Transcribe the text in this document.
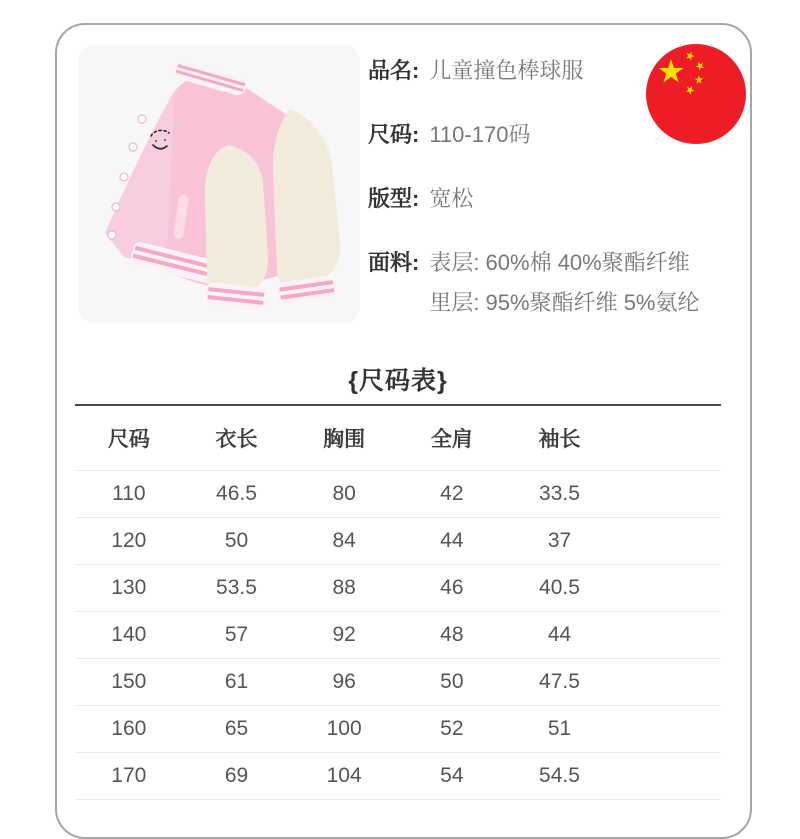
品名: 儿童撞色棒球服
尺码: 110-170码
版型: 宽松
面料: 表层: 60%棉 40%聚酯纤维
里层: 95%聚酯纤维 5%氨纶
{尺码表}
尺码	衣长	胸围	全肩	袖长
110	46.5	80	42	33.5
120	50	84	44	37
130	53.5	88	46	40.5
140	57	92	48	44
150	61	96	50	47.5
160	65	100	52	51
170	69	104	54	54.5
